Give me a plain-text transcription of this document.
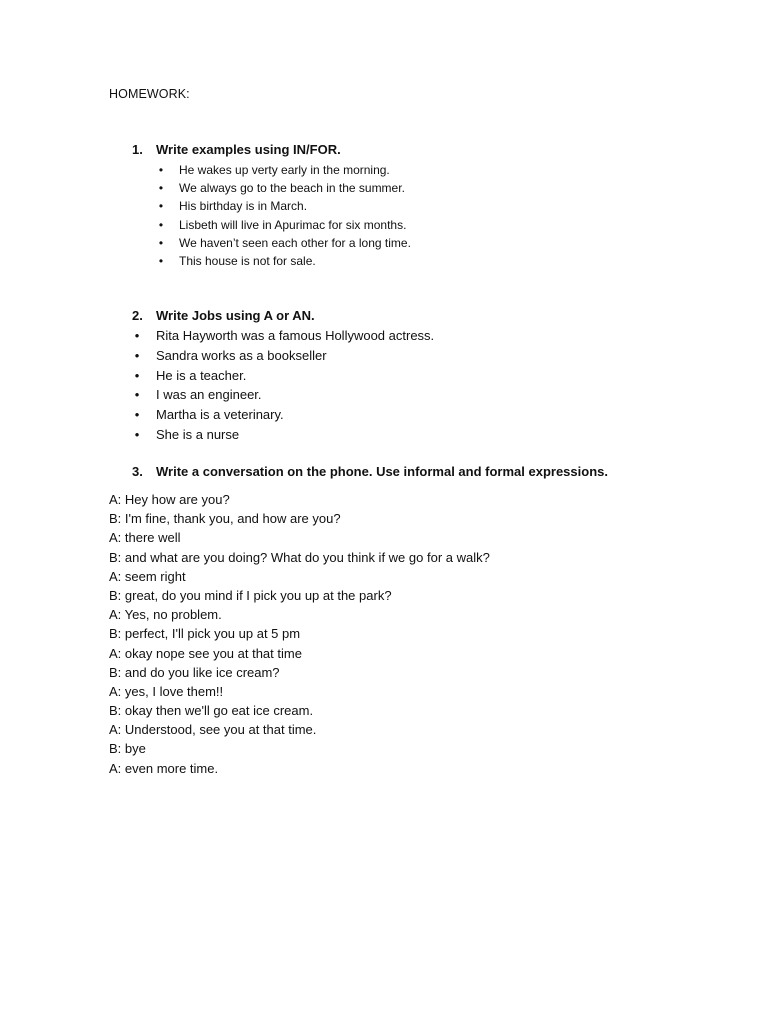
HOMEWORK:
1. Write examples using IN/FOR.
• He wakes up verty early in the morning.
• We always go to the beach in the summer.
• His birthday is in March.
• Lisbeth will live in Apurimac for six months.
• We haven’t seen each other for a long time.
• This house is not for sale.
2. Write Jobs using A or AN.
• Rita Hayworth was a famous Hollywood actress.
• Sandra works as a bookseller
• He is a teacher.
• I was an engineer.
• Martha is a veterinary.
• She is a nurse
3. Write a conversation on the phone. Use informal and formal expressions.
A: Hey how are you?
B: I'm fine, thank you, and how are you?
A: there well
B: and what are you doing? What do you think if we go for a walk?
A: seem right
B: great, do you mind if I pick you up at the park?
A: Yes, no problem.
B: perfect, I'll pick you up at 5 pm
A: okay nope see you at that time
B: and do you like ice cream?
A: yes, I love them!!
B: okay then we'll go eat ice cream.
A: Understood, see you at that time.
B: bye
A: even more time.
